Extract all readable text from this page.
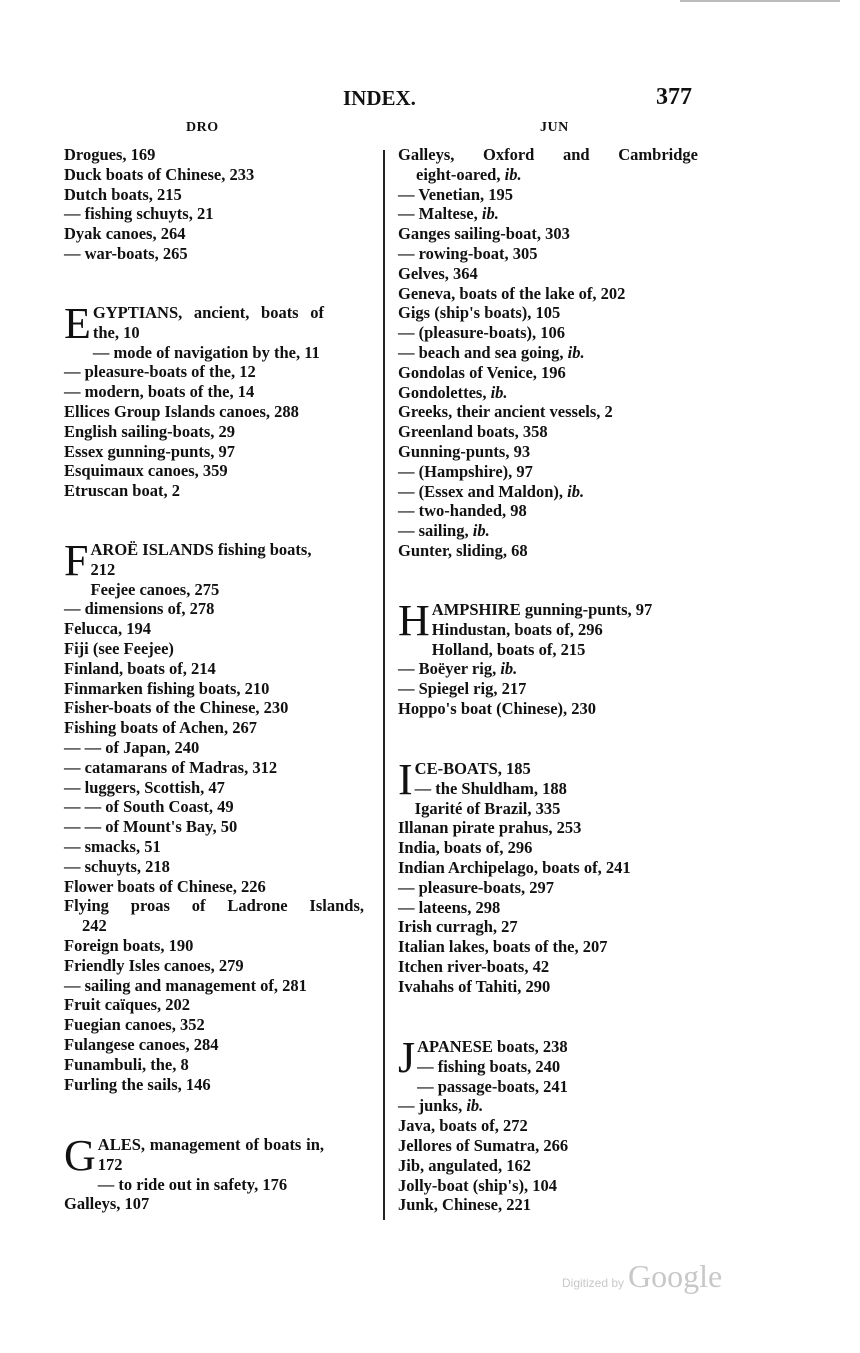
INDEX.	377
DRO	JUN
Drogues, 169
Duck boats of Chinese, 233
Dutch boats, 215
— fishing schuyts, 21
Dyak canoes, 264
— war-boats, 265
E GYPTIANS, ancient, boats of
the, 10
— mode of navigation by the, 11
— pleasure-boats of the, 12
— modern, boats of the, 14
Ellices Group Islands canoes, 288
English sailing-boats, 29
Essex gunning-punts, 97
Esquimaux canoes, 359
Etruscan boat, 2
F AROË ISLANDS fishing boats,
212
Feejee canoes, 275
— dimensions of, 278
Felucca, 194
Fiji (see Feejee)
Finland, boats of, 214
Finmarken fishing boats, 210
Fisher-boats of the Chinese, 230
Fishing boats of Achen, 267
— — of Japan, 240
— catamarans of Madras, 312
— luggers, Scottish, 47
— — of South Coast, 49
— — of Mount's Bay, 50
— smacks, 51
— schuyts, 218
Flower boats of Chinese, 226
Flying proas of Ladrone Islands,
242
Foreign boats, 190
Friendly Isles canoes, 279
— sailing and management of, 281
Fruit caïques, 202
Fuegian canoes, 352
Fulangese canoes, 284
Funambuli, the, 8
Furling the sails, 146
G ALES, management of boats in,
172
— to ride out in safety, 176
Galleys, 107
Galleys, Oxford and Cambridge
eight-oared, ib.
— Venetian, 195
— Maltese, ib.
Ganges sailing-boat, 303
— rowing-boat, 305
Gelves, 364
Geneva, boats of the lake of, 202
Gigs (ship's boats), 105
— (pleasure-boats), 106
— beach and sea going, ib.
Gondolas of Venice, 196
Gondolettes, ib.
Greeks, their ancient vessels, 2
Greenland boats, 358
Gunning-punts, 93
— (Hampshire), 97
— (Essex and Maldon), ib.
— two-handed, 98
— sailing, ib.
Gunter, sliding, 68
H AMPSHIRE gunning-punts, 97
Hindustan, boats of, 296
Holland, boats of, 215
— Boëyer rig, ib.
— Spiegel rig, 217
Hoppo's boat (Chinese), 230
I CE-BOATS, 185
— the Shuldham, 188
Igarité of Brazil, 335
Illanan pirate prahus, 253
India, boats of, 296
Indian Archipelago, boats of, 241
— pleasure-boats, 297
— lateens, 298
Irish curragh, 27
Italian lakes, boats of the, 207
Itchen river-boats, 42
Ivahahs of Tahiti, 290
J APANESE boats, 238
— fishing boats, 240
— passage-boats, 241
— junks, ib.
Java, boats of, 272
Jellores of Sumatra, 266
Jib, angulated, 162
Jolly-boat (ship's), 104
Junk, Chinese, 221
Digitized by Google
